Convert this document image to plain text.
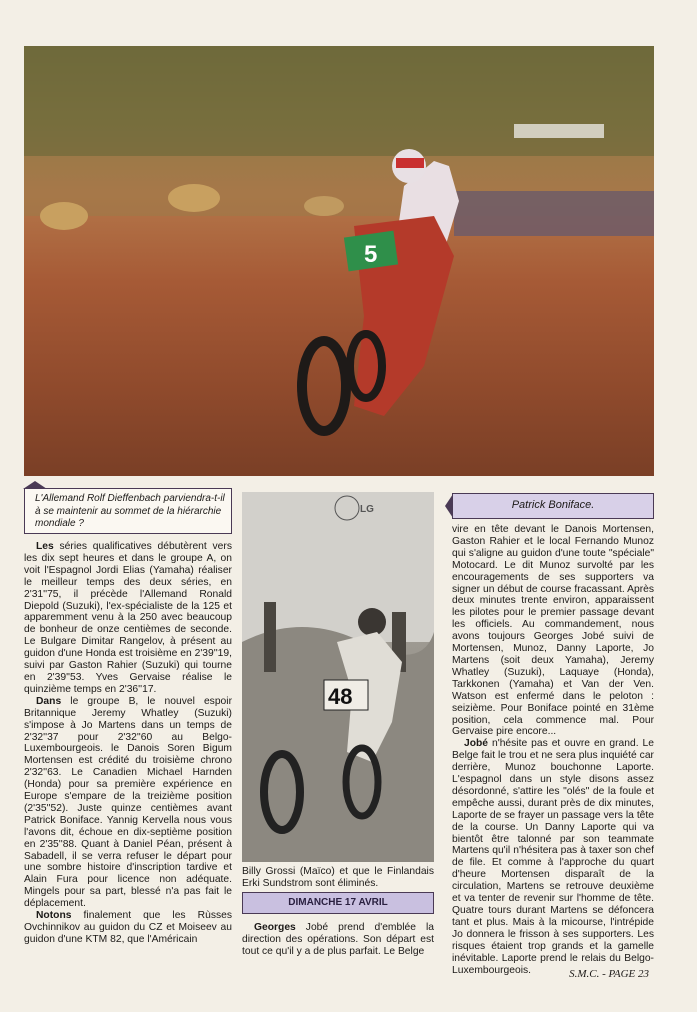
5
L'Allemand Rolf Dieffenbach parviendra-t-il à se maintenir au sommet de la hiérarchie mondiale ?

Les séries qualificatives débutèrent vers les dix sept heures et dans le groupe A, on voit l'Espagnol Jordi Elias (Yamaha) réaliser le meilleur temps des deux séries, en 2'31''75, il précède l'Allemand Ronald Diepold (Suzuki), l'ex-spécialiste de la 125 et apparemment venu à la 250 avec beaucoup de bonheur de onze centièmes de seconde. Le Bulgare Dimitar Rangelov, à présent au guidon d'une Honda est troisième en 2'39''19, suivi par Gaston Rahier (Suzuki) qui tourne en 2'39''53. Yves Gervaise réalise le quinzième temps en 2'36''17.

Dans le groupe B, le nouvel espoir Britannique Jeremy Whatley (Suzuki) s'impose à Jo Martens dans un temps de 2'32''37 pour 2'32''60 au Belgo-Luxembourgeois. le Danois Soren Bigum Mortensen est crédité du troisième chrono 2'32''63. Le Canadien Michael Harnden (Honda) pour sa première expérience en Europe s'empare de la treizième position (2'35''52). Juste quinze centièmes avant Patrick Boniface. Yannig Kervella nous vous l'avons dit, échoue en dix-septième position en 2'35''88. Quant à Daniel Péan, présent à Sabadell, il se verra refuser le départ pour une sombre histoire d'inscription tardive et Alain Fura pour licence non adéquate. Mingels pour sa part, blessé n'a pas fait le déplacement.

Notons finalement que les Rùsses Ovchinnikov au guidon du CZ et Moiseev au guidon d'une KTM 82, que l'Américain

48
LG

Billy Grossi (Maïco) et que le Finlandais Erki Sundstrom sont éliminés.

DIMANCHE 17 AVRIL

Georges Jobé prend d'emblée la direction des opérations. Son départ est tout ce qu'il y a de plus parfait. Le Belge

Patrick Boniface.

vire en tête devant le Danois Mortensen, Gaston Rahier et le local Fernando Munoz qui s'aligne au guidon d'une toute "spéciale" Motocard. Le dit Munoz survolté par les encouragements de ses supporters va signer un début de course fracassant. Après deux minutes trente environ, apparaissent les pilotes pour le premier passage devant les officiels. Au commandement, nous avons toujours Georges Jobé suivi de Mortensen, Munoz, Danny Laporte, Jo Martens (soit deux Yamaha), Jeremy Whatley (Suzuki), Laquaye (Honda), Tarkkonen (Yamaha) et Van der Ven. Watson est enfermé dans le peloton : seizième. Pour Boniface pointé en 31ème position, cela commence mal. Pour Gervaise pire encore...

Jobé n'hésite pas et ouvre en grand. Le Belge fait le trou et ne sera plus inquiété car derrière, Munoz bouchonne Laporte. L'espagnol dans un style disons assez désordonné, s'attire les "olés" de la foule et empêche aussi, durant près de dix minutes, Laporte de se frayer un passage vers la tête de la course. Un Danny Laporte qui va bientôt être talonné par son teammate Martens qu'il n'hésitera pas à taxer son chef de file. Et comme à l'approche du quart d'heure Mortensen disparaît de la circulation, Martens se retrouve deuxième et va tenter de revenir sur l'homme de tête. Quatre tours durant Martens se défoncera tant et plus. Mais à la micourse, l'intrépide Jo donnera le frisson à ses supporters. Les risques étaient trop grands et la gamelle inévitable. Laporte prend le relais du Belgo-Luxembourgeois.	S.M.C. - PAGE 23
